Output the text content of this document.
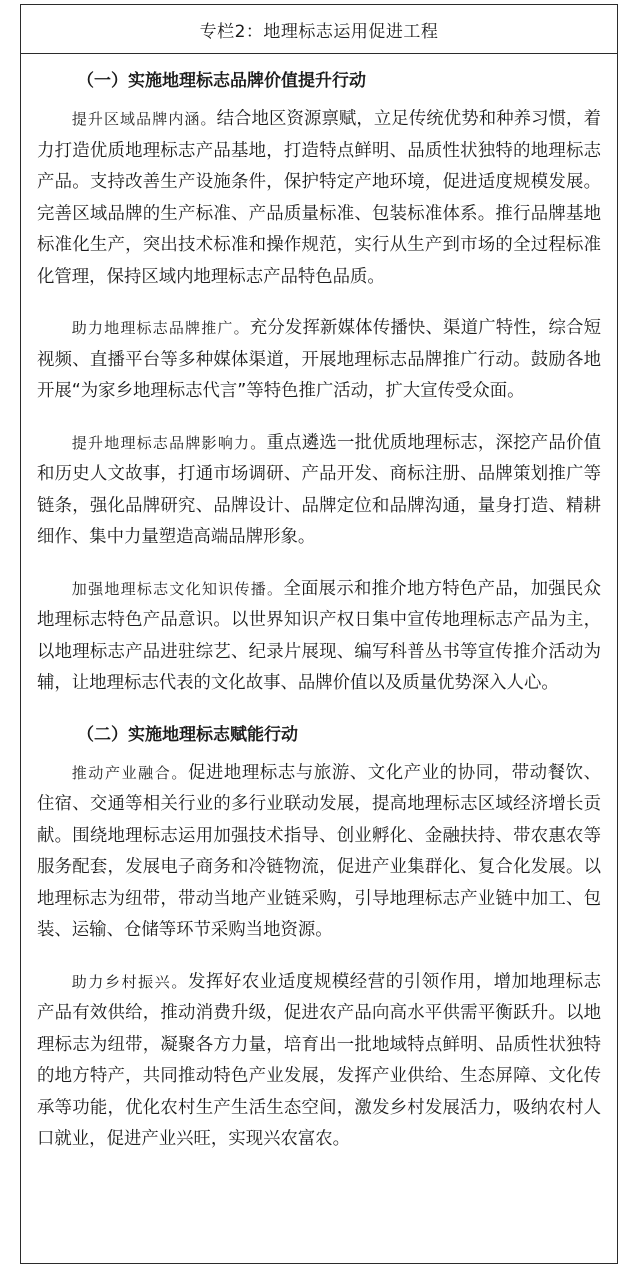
专栏2：地理标志运用促进工程
（一）实施地理标志品牌价值提升行动

提升区域品牌内涵。结合地区资源禀赋，立足传统优势和种养习惯，着力打造优质地理标志产品基地，打造特点鲜明、品质性状独特的地理标志产品。支持改善生产设施条件，保护特定产地环境，促进适度规模发展。完善区域品牌的生产标准、产品质量标准、包装标准体系。推行品牌基地标准化生产，突出技术标准和操作规范，实行从生产到市场的全过程标准化管理，保持区域内地理标志产品特色品质。

助力地理标志品牌推广。充分发挥新媒体传播快、渠道广特性，综合短视频、直播平台等多种媒体渠道，开展地理标志品牌推广行动。鼓励各地开展“为家乡地理标志代言”等特色推广活动，扩大宣传受众面。

提升地理标志品牌影响力。重点遴选一批优质地理标志，深挖产品价值和历史人文故事，打通市场调研、产品开发、商标注册、品牌策划推广等链条，强化品牌研究、品牌设计、品牌定位和品牌沟通，量身打造、精耕细作、集中力量塑造高端品牌形象。

加强地理标志文化知识传播。全面展示和推介地方特色产品，加强民众地理标志特色产品意识。以世界知识产权日集中宣传地理标志产品为主，以地理标志产品进驻综艺、纪录片展现、编写科普丛书等宣传推介活动为辅，让地理标志代表的文化故事、品牌价值以及质量优势深入人心。

（二）实施地理标志赋能行动

推动产业融合。促进地理标志与旅游、文化产业的协同，带动餐饮、住宿、交通等相关行业的多行业联动发展，提高地理标志区域经济增长贡献。围绕地理标志运用加强技术指导、创业孵化、金融扶持、带农惠农等服务配套，发展电子商务和冷链物流，促进产业集群化、复合化发展。以地理标志为纽带，带动当地产业链采购，引导地理标志产业链中加工、包装、运输、仓储等环节采购当地资源。

助力乡村振兴。发挥好农业适度规模经营的引领作用，增加地理标志产品有效供给，推动消费升级，促进农产品向高水平供需平衡跃升。以地理标志为纽带，凝聚各方力量，培育出一批地域特点鲜明、品质性状独特的地方特产，共同推动特色产业发展，发挥产业供给、生态屏障、文化传承等功能，优化农村生产生活生态空间，激发乡村发展活力，吸纳农村人口就业，促进产业兴旺，实现兴农富农。
